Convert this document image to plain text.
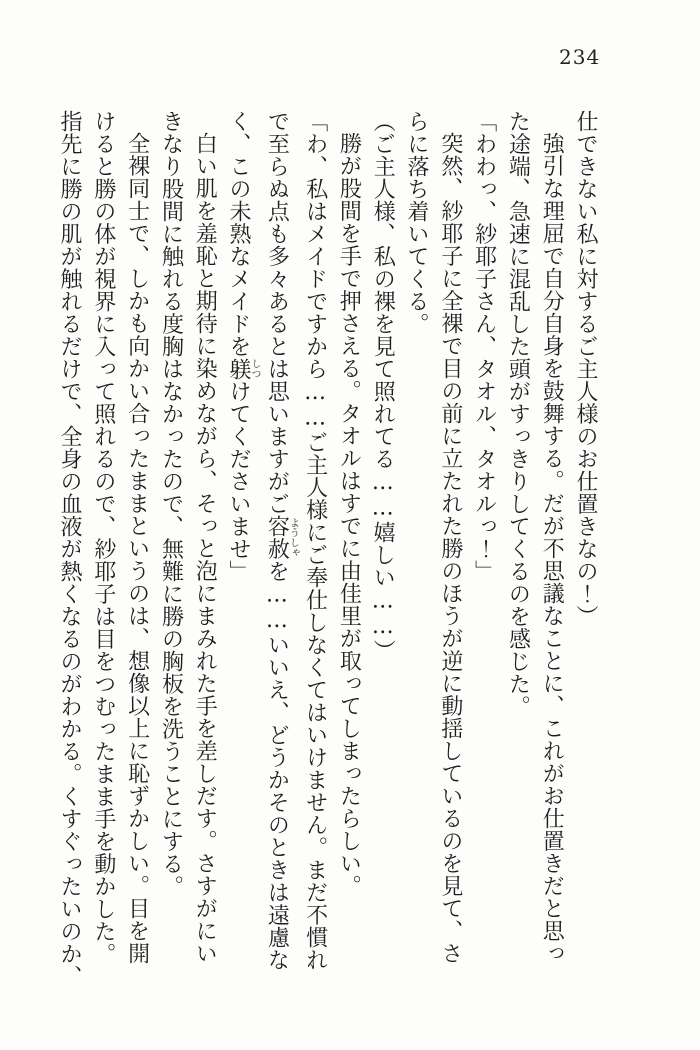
234

仕できない私に対するご主人様のお仕置きなの！）

強引な理屈で自分自身を鼓舞する。だが不思議なことに、これがお仕置きだと思っ

た途端、急速に混乱した頭がすっきりしてくるのを感じた。

「わわっ、紗耶子さん、タオル、タオルっ！」

突然、紗耶子に全裸で目の前に立たれた勝のほうが逆に動揺しているのを見て、さ

らに落ち着いてくる。

（ご主人様、私の裸を見て照れてる……嬉しい……）

勝が股間を手で押さえる。タオルはすでに由佳里が取ってしまったらしい。

「わ、私はメイドですから……ご主人様にご奉仕しなくてはいけません。まだ不慣れ

で至らぬ点も多々あるとは思いますがご容赦ようしゃを……いいえ、どうかそのときは遠慮な

く、この未熟なメイドを躾しつけてくださいませ」

白い肌を羞恥と期待に染めながら、そっと泡にまみれた手を差しだす。さすがにい

きなり股間に触れる度胸はなかったので、無難に勝の胸板を洗うことにする。

全裸同士で、しかも向かい合ったままというのは、想像以上に恥ずかしい。目を開

けると勝の体が視界に入って照れるので、紗耶子は目をつむったまま手を動かした。

指先に勝の肌が触れるだけで、全身の血液が熱くなるのがわかる。くすぐったいのか、
